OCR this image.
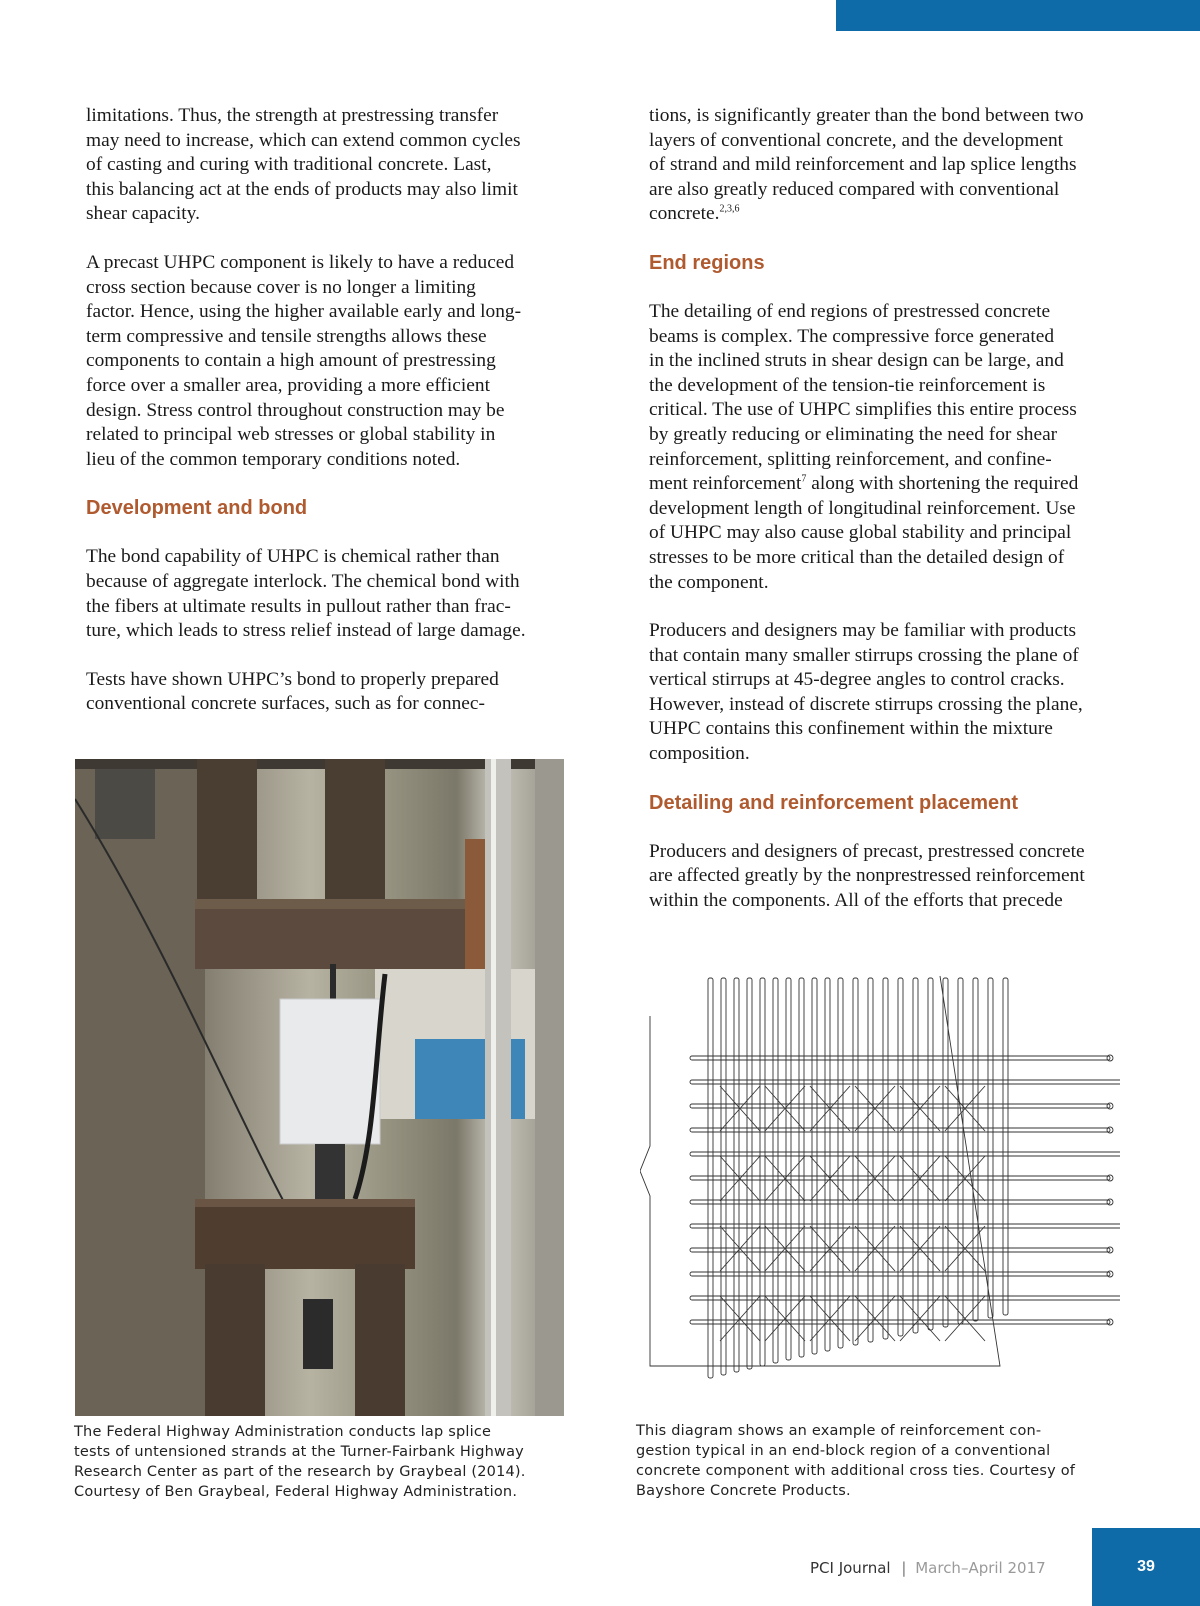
limitations. Thus, the strength at prestressing transfer
may need to increase, which can extend common cycles
of casting and curing with traditional concrete. Last,
this balancing act at the ends of products may also limit
shear capacity.

A precast UHPC component is likely to have a reduced
cross section because cover is no longer a limiting
factor. Hence, using the higher available early and long-
term compressive and tensile strengths allows these
components to contain a high amount of prestressing
force over a smaller area, providing a more efficient
design. Stress control throughout construction may be
related to principal web stresses or global stability in
lieu of the common temporary conditions noted.

Development and bond

The bond capability of UHPC is chemical rather than
because of aggregate interlock. The chemical bond with
the fibers at ultimate results in pullout rather than frac-
ture, which leads to stress relief instead of large damage.

Tests have shown UHPC’s bond to properly prepared
conventional concrete surfaces, such as for connec-

tions, is significantly greater than the bond between two
layers of conventional concrete, and the development
of strand and mild reinforcement and lap splice lengths
are also greatly reduced compared with conventional
concrete.$^{2,3,6}$

End regions

The detailing of end regions of prestressed concrete
beams is complex. The compressive force generated
in the inclined struts in shear design can be large, and
the development of the tension-tie reinforcement is
critical. The use of UHPC simplifies this entire process
by greatly reducing or eliminating the need for shear
reinforcement, splitting reinforcement, and confine-
ment reinforcement$^7$ along with shortening the required
development length of longitudinal reinforcement. Use
of UHPC may also cause global stability and principal
stresses to be more critical than the detailed design of
the component.

Producers and designers may be familiar with products
that contain many smaller stirrups crossing the plane of
vertical stirrups at 45-degree angles to control cracks.
However, instead of discrete stirrups crossing the plane,
UHPC contains this confinement within the mixture
composition.

Detailing and reinforcement placement

Producers and designers of precast, prestressed concrete
are affected greatly by the nonprestressed reinforcement
within the components. All of the efforts that precede

The Federal Highway Administration conducts lap splice
tests of untensioned strands at the Turner-Fairbank Highway
Research Center as part of the research by Graybeal (2014).
Courtesy of Ben Graybeal, Federal Highway Administration.
This diagram shows an example of reinforcement con-
gestion typical in an end-block region of a conventional
concrete component with additional cross ties. Courtesy of
Bayshore Concrete Products.
PCI Journal | March–April 2017	39
